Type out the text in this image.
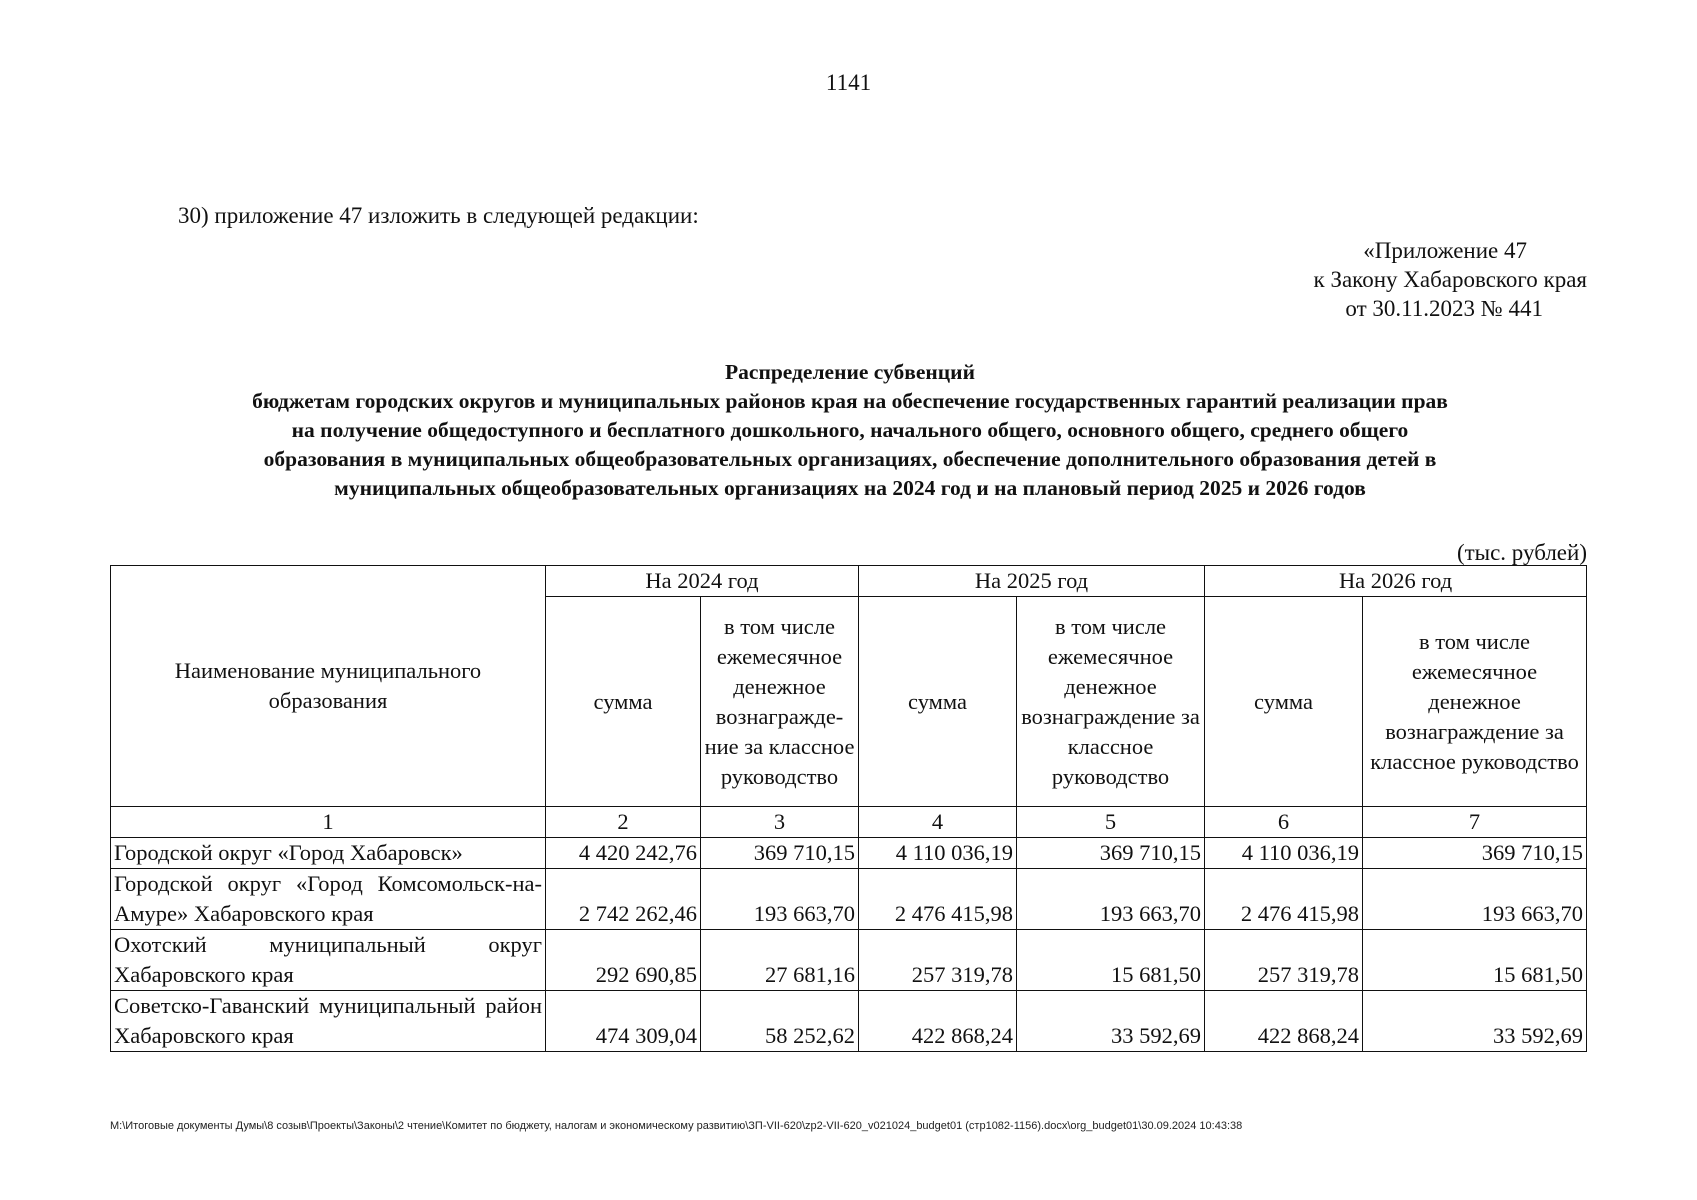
1141
30) приложение 47 изложить в следующей редакции:
«Приложение 47
к Закону Хабаровского края
от 30.11.2023 № 441
Распределение субвенций
бюджетам городских округов и муниципальных районов края на обеспечение государственных гарантий реализации прав
на получение общедоступного и бесплатного дошкольного, начального общего, основного общего, среднего общего
образования в муниципальных общеобразовательных организациях, обеспечение дополнительного образования детей в
муниципальных общеобразовательных организациях на 2024 год и на плановый период 2025 и 2026 годов
(тыс. рублей)
Наименование муниципального образования	На 2024 год		На 2025 год		На 2026 год	
	сумма	в том числе ежемесячное денежное вознагражде-ние за классное руководство	сумма	в том числе ежемесячное денежное вознаграждение за классное руководство	сумма	в том числе ежемесячное денежное вознаграждение за классное руководство
1	2	3	4	5	6	7
Городской округ «Город Хабаровск»	4 420 242,76	369 710,15	4 110 036,19	369 710,15	4 110 036,19	369 710,15
Городской округ «Город Комсомольск-на-Амуре» Хабаровского края	2 742 262,46	193 663,70	2 476 415,98	193 663,70	2 476 415,98	193 663,70
Охотский муниципальный округ Хабаровского края	292 690,85	27 681,16	257 319,78	15 681,50	257 319,78	15 681,50
Советско-Гаванский муниципальный район Хабаровского края	474 309,04	58 252,62	422 868,24	33 592,69	422 868,24	33 592,69
M:\Итоговые документы Думы\8 созыв\Проекты\Законы\2 чтение\Комитет по бюджету, налогам и экономическому развитию\ЗП-VII-620\zp2-VII-620_v021024_budget01 (стр1082-1156).docx\org_budget01\30.09.2024 10:43:38
